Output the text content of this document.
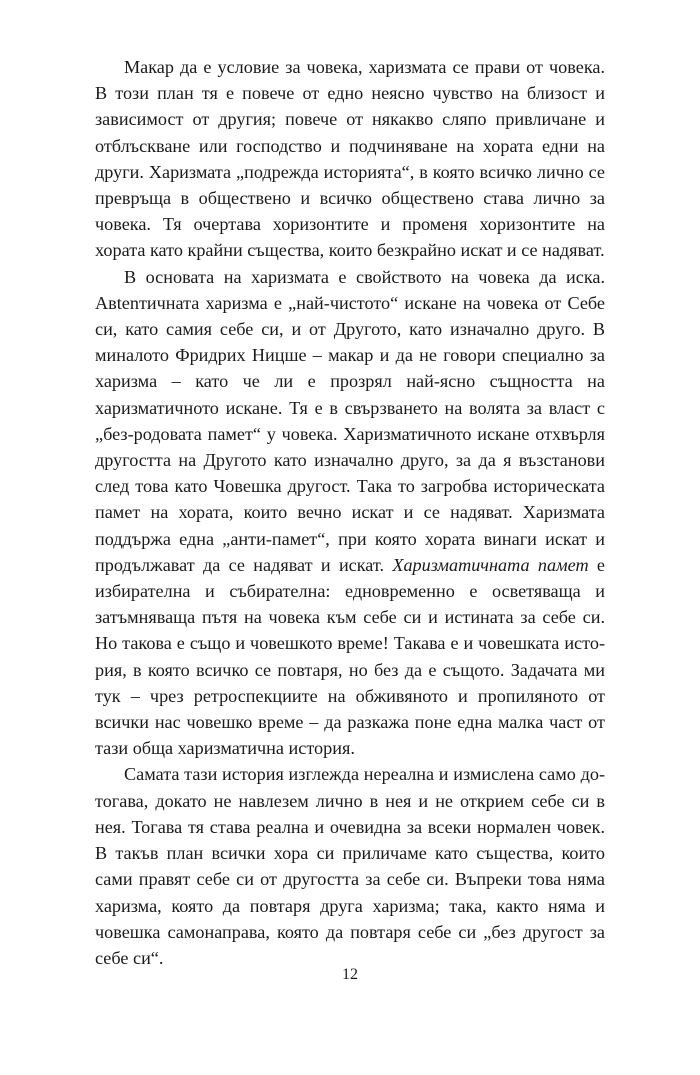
Макар да е условие за човека, харизмата се прави от човека. В този план тя е повече от едно неясно чувство на близост и зависимост от другия; повече от някакво сляпо привличане и отблъскване или господство и подчиняване на хората едни на други. Харизмата „подрежда историята“, в която всичко лично се превръща в обществено и всичко обществено става лично за човека. Тя очертава хоризонтите и променя хоризонтите на хората като крайни същества, които безкрайно искат и се надяват.

В основата на харизмата е свойството на човека да иска. Авtenтичната харизма е „най-чистото“ искане на човека от Себе си, като самия себе си, и от Другото, като изначално друго. В миналото Фридрих Ницше – макар и да не говори специално за харизма – като че ли е прозрял най-ясно същността на харизматичното искане. Тя е в свързването на волята за власт с „без-родовата памет“ у човека. Харизматичното искане отхвърля другостта на Другото като изначално друго, за да я възстанови след това като Човешка другост. Така то загробва историческата памет на хората, които вечно искат и се надяват. Харизмата поддържа една „анти-памет“, при която хората винаги искат и продължават да се надяват и искат. Харизматичната памет е избирателна и събирателна: едновременно е осветяваща и затъмняваща пътя на човека към себе си и истината за себе си. Но такова е също и човешкото време! Такава е и човешката история, в която всичко се повтаря, но без да е същото. Задачата ми тук – чрез ретроспекциите на обживяното и пропиляното от всички нас човешко време – да разкажа поне една малка част от тази обща харизматична история.

Самата тази история изглежда нереална и измислена само дотогава, докато не навлезем лично в нея и не открием себе си в нея. Тогава тя става реална и очевидна за всеки нормален човек. В такъв план всички хора си приличаме като същества, които сами правят себе си от другостта за себе си. Въпреки това няма харизма, която да повтаря друга харизма; така, както няма и човешка самонаправа, която да повтаря себе си „без другост за себе си“.

12
